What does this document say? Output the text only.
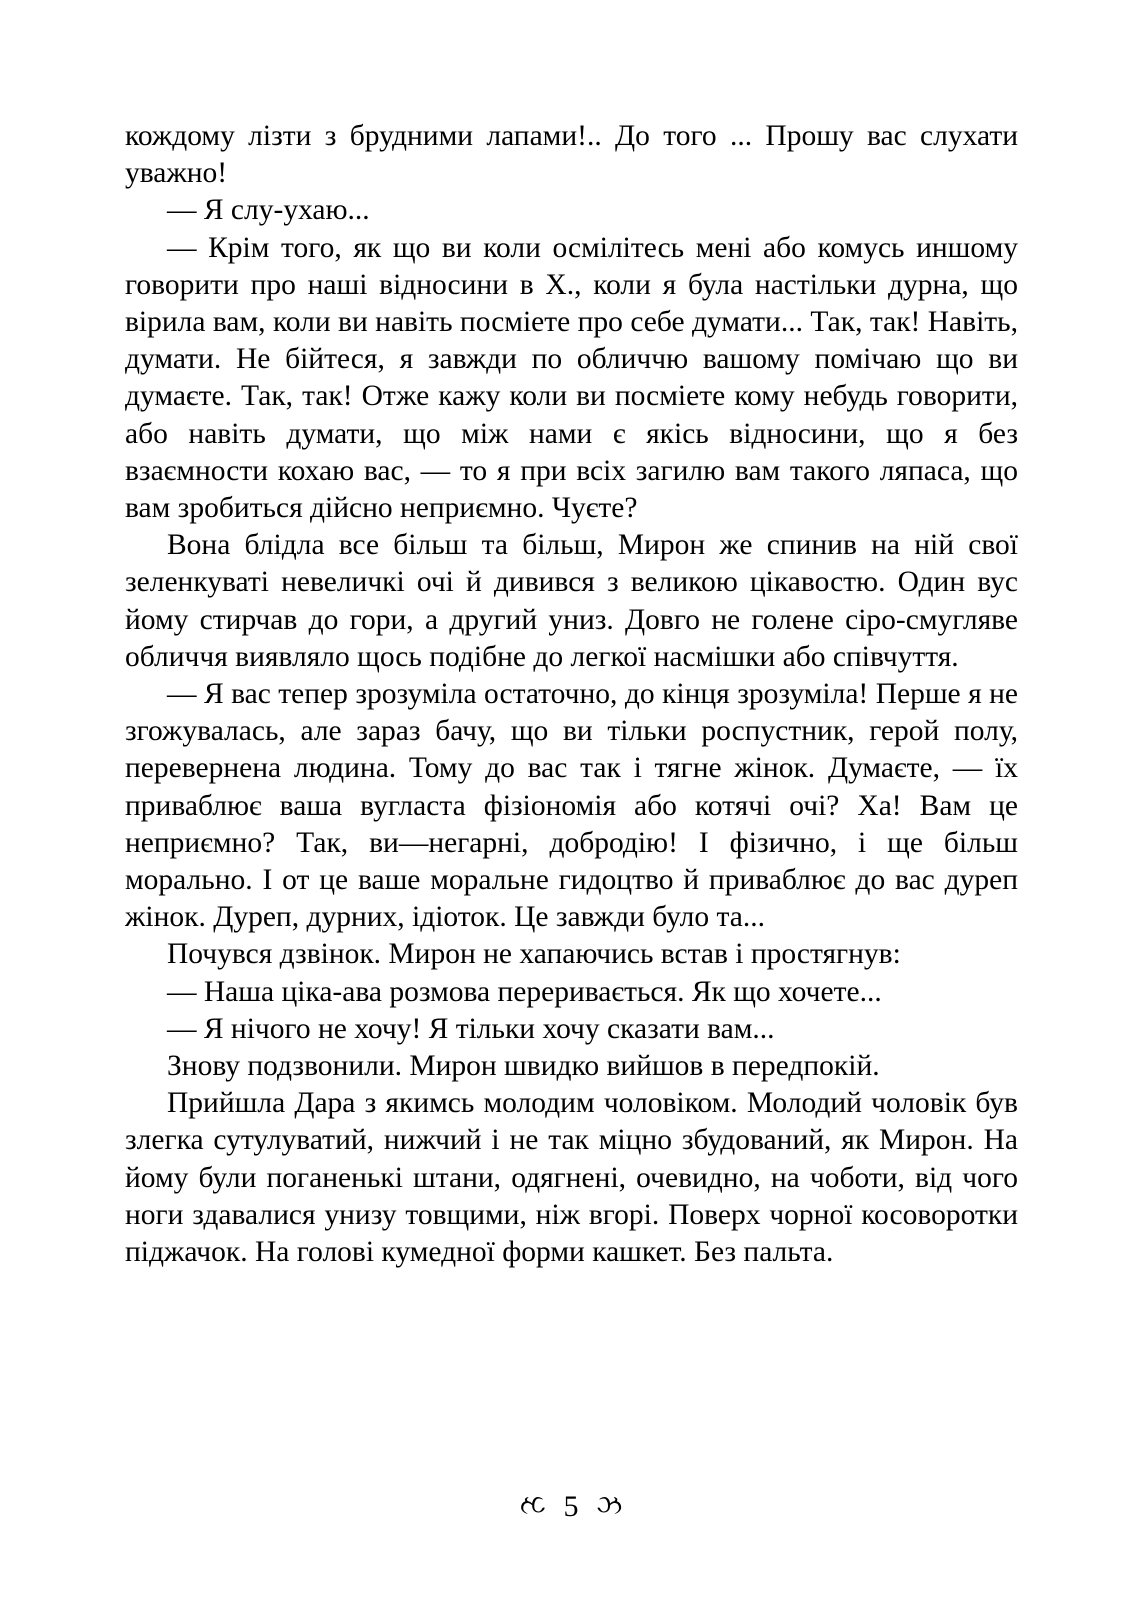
кождому лізти з брудними лапами!.. До того ... Прошу вас слухати уважно!

— Я слу-ухаю...

— Крім того, як що ви коли осмілітесь мені або комусь иншому говорити про наші відносини в Х., коли я була настільки дурна, що вірила вам, коли ви навіть посміете про себе думати... Так, так! Навіть, думати. Не бійтеся, я завжди по обличчю вашому помічаю що ви думаєте. Так, так! Отже кажу коли ви посміете кому небудь говорити, або навіть думати, що між нами є якісь відносини, що я без взаємности кохаю вас, — то я при всіх загилю вам такого ляпаса, що вам зробиться дійсно неприємно. Чуєте?

Вона блідла все більш та більш, Мирон же спинив на ній свої зеленкуваті невеличкі очі й дивився з великою цікавостю. Один вус йому стирчав до гори, а другий униз. Довго не голене сіро-смугляве обличчя виявляло щось подібне до легкої насмішки або співчуття.

— Я вас тепер зрозуміла остаточно, до кінця зрозуміла! Перше я не згожувалась, але зараз бачу, що ви тільки роспустник, герой полу, перевернена людина. Тому до вас так і тягне жінок. Думаєте, — їх приваблює ваша вугласта фізіономія або котячі очі? Ха! Вам це неприємно? Так, ви—негарні, добродію! І фізично, і ще більш морально. І от це ваше моральне гидоцтво й приваблює до вас дуреп жінок. Дуреп, дурних, ідіоток. Це завжди було та...

Почувся дзвінок. Мирон не хапаючись встав і простягнув:

— Наша ціка-ава розмова переривається. Як що хочете...

— Я нічого не хочу! Я тільки хочу сказати вам...

Знову подзвонили. Мирон швидко вийшов в передпокій.

Прийшла Дара з якимсь молодим чоловіком. Молодий чоловік був злегка сутулуватий, нижчий і не так міцно збудований, як Мирон. На йому були поганенькі штани, одягнені, очевидно, на чоботи, від чого ноги здавалися унизу товщими, ніж вгорі. Поверх чорної косоворотки піджачок. На голові кумедної форми кашкет. Без пальта.

ઝ 5 ઝ
